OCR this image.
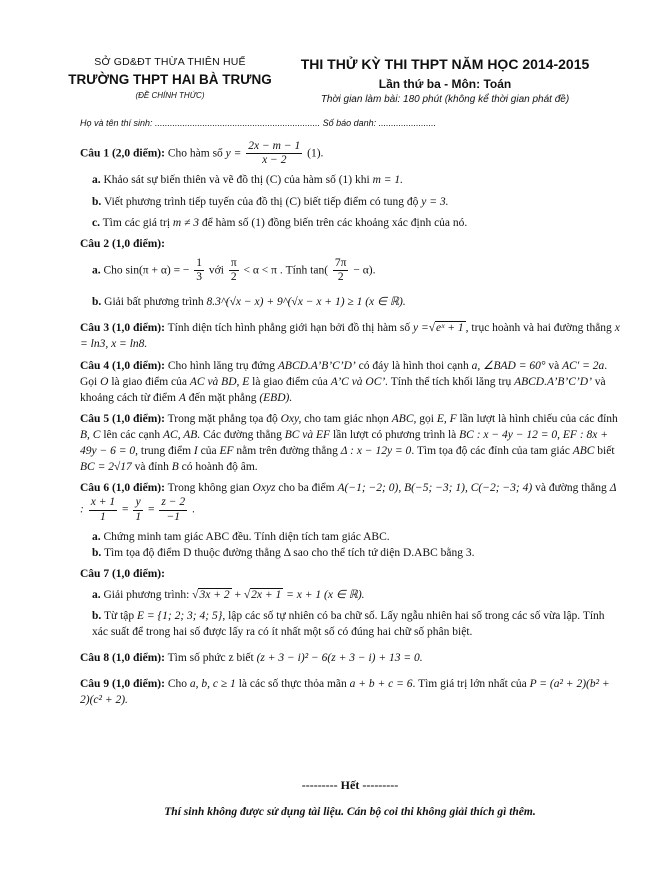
SỞ GD&ĐT THỪA THIÊN HUẾ
TRƯỜNG THPT HAI BÀ TRƯNG
(ĐỀ CHÍNH THỨC)
THI THỬ KỲ THI THPT NĂM HỌC 2014-2015
Lần thứ ba - Môn: Toán
Thời gian làm bài: 180 phút (không kể thời gian phát đề)
Họ và tên thí sinh: .................................................................. Số báo danh: .......................
Câu 1 (2,0 điểm): Cho hàm số $y = \frac{2x - m - 1}{x - 2} (1)$.
a. Khảo sát sự biến thiên và vẽ đồ thị (C) của hàm số (1) khi m = 1.
b. Viết phương trình tiếp tuyến của đồ thị (C) biết tiếp điểm có tung độ y = 3.
c. Tìm các giá trị m ≠ 3 để hàm số (1) đồng biến trên các khoảng xác định của nó.
Câu 2 (1,0 điểm):
a. Cho sin(π + α) = − $\frac{1}{3}$ với $\frac{\pi}{2} < \alpha < \pi$ . Tính $\tan( \frac{7\pi}{2} - \alpha)$.
b. Giải bất phương trình 8.3^(√x − x) + 9^(√x − x + 1) ≥ 1 (x ∈ ℝ).
Câu 3 (1,0 điểm): Tính diện tích hình phẳng giới hạn bởi đồ thị hàm số y =√eˣ + 1 , trục hoành và hai đường thẳng x = ln3, x = ln8.
Câu 4 (1,0 điểm): Cho hình lăng trụ đứng ABCD.A’B’C’D’ có đáy là hình thoi cạnh a, ∠BAD = 60° và AC′ = 2a. Gọi O là giao điểm của AC và BD, E là giao điểm của A’C và OC’. Tính thể tích khối lăng trụ ABCD.A’B’C’D’ và khoảng cách từ điểm A đến mặt phẳng (EBD).
Câu 5 (1,0 điểm): Trong mặt phẳng tọa độ Oxy, cho tam giác nhọn ABC, gọi E, F lần lượt là hình chiếu của các đỉnh B, C lên các cạnh AC, AB. Các đường thẳng BC và EF lần lượt có phương trình là BC : x − 4y − 12 = 0, EF : 8x + 49y − 6 = 0, trung điểm I của EF nằm trên đường thẳng Δ : x − 12y = 0. Tìm tọa độ các đỉnh của tam giác ABC biết BC = 2√17 và đỉnh B có hoành độ âm.
Câu 6 (1,0 điểm): Trong không gian Oxyz cho ba điểm A(−1; −2; 0), B(−5; −3; 1), C(−2; −3; 4) và đường thẳng Δ : $\frac{x + 1}{1} = \frac{y}{1} = \frac{z - 2}{-1}$ .
a. Chứng minh tam giác ABC đều. Tính diện tích tam giác ABC.
b. Tìm tọa độ điểm D thuộc đường thẳng Δ sao cho thể tích tứ diện D.ABC bằng 3.
Câu 7 (1,0 điểm):
a. Giải phương trình: √3x + 2 + √2x + 1 = x + 1 (x ∈ ℝ).
b. Từ tập E = {1; 2; 3; 4; 5}, lập các số tự nhiên có ba chữ số. Lấy ngẫu nhiên hai số trong các số vừa lập. Tính xác suất để trong hai số được lấy ra có ít nhất một số có đúng hai chữ số phân biệt.
Câu 8 (1,0 điểm): Tìm số phức z biết (z + 3 − i)² − 6(z + 3 − i) + 13 = 0.
Câu 9 (1,0 điểm): Cho a, b, c ≥ 1 là các số thực thỏa mãn a + b + c = 6. Tìm giá trị lớn nhất của P = (a² + 2)(b² + 2)(c² + 2).
--------- Hết ---------
Thí sinh không được sử dụng tài liệu. Cán bộ coi thi không giải thích gì thêm.
